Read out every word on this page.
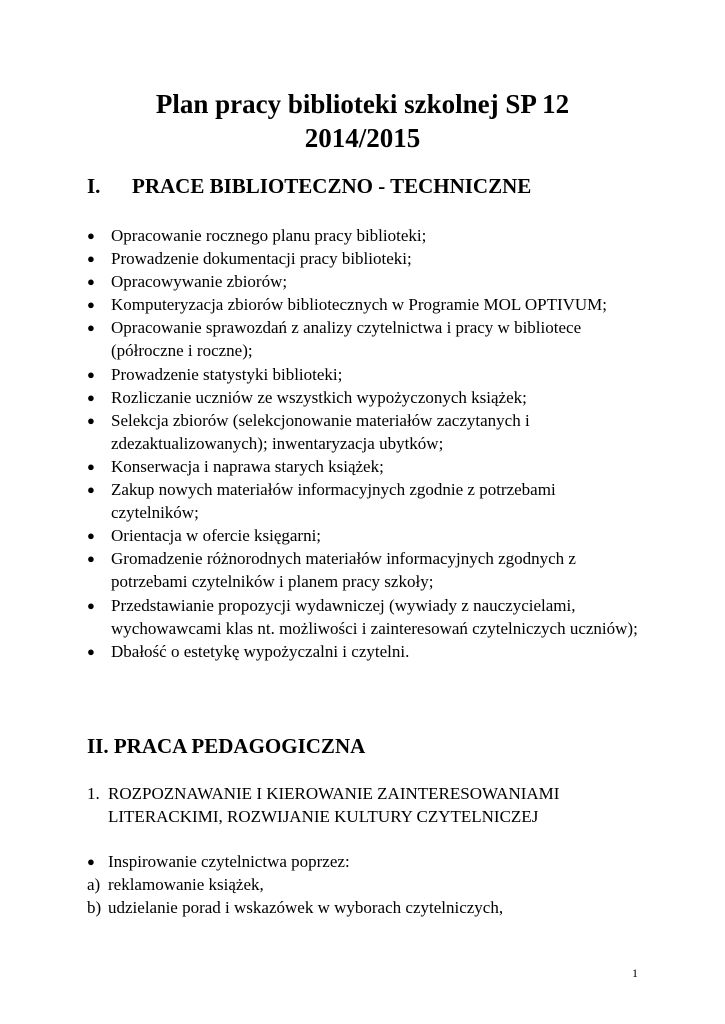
Plan pracy biblioteki szkolnej SP 12
2014/2015
I. PRACE BIBLIOTECZNO - TECHNICZNE
● Opracowanie rocznego planu pracy biblioteki;
● Prowadzenie dokumentacji pracy biblioteki;
● Opracowywanie zbiorów;
● Komputeryzacja zbiorów bibliotecznych w Programie MOL OPTIVUM;
● Opracowanie sprawozdań z analizy czytelnictwa i pracy w bibliotece (półroczne i roczne);
● Prowadzenie statystyki biblioteki;
● Rozliczanie uczniów ze wszystkich wypożyczonych książek;
● Selekcja zbiorów (selekcjonowanie materiałów zaczytanych i zdezaktualizowanych); inwentaryzacja ubytków;
● Konserwacja i naprawa starych książek;
● Zakup nowych materiałów informacyjnych zgodnie z potrzebami czytelników;
● Orientacja w ofercie księgarni;
● Gromadzenie różnorodnych materiałów informacyjnych zgodnych z potrzebami czytelników i planem pracy szkoły;
● Przedstawianie propozycji wydawniczej (wywiady z nauczycielami, wychowawcami klas nt. możliwości i zainteresowań czytelniczych uczniów);
● Dbałość o estetykę wypożyczalni i czytelni.
II. PRACA PEDAGOGICZNA
1. ROZPOZNAWANIE I KIEROWANIE ZAINTERESOWANIAMI LITERACKIMI, ROZWIJANIE KULTURY CZYTELNICZEJ
● Inspirowanie czytelnictwa poprzez:
a) reklamowanie książek,
b) udzielanie porad i wskazówek w wyborach czytelniczych,
1
